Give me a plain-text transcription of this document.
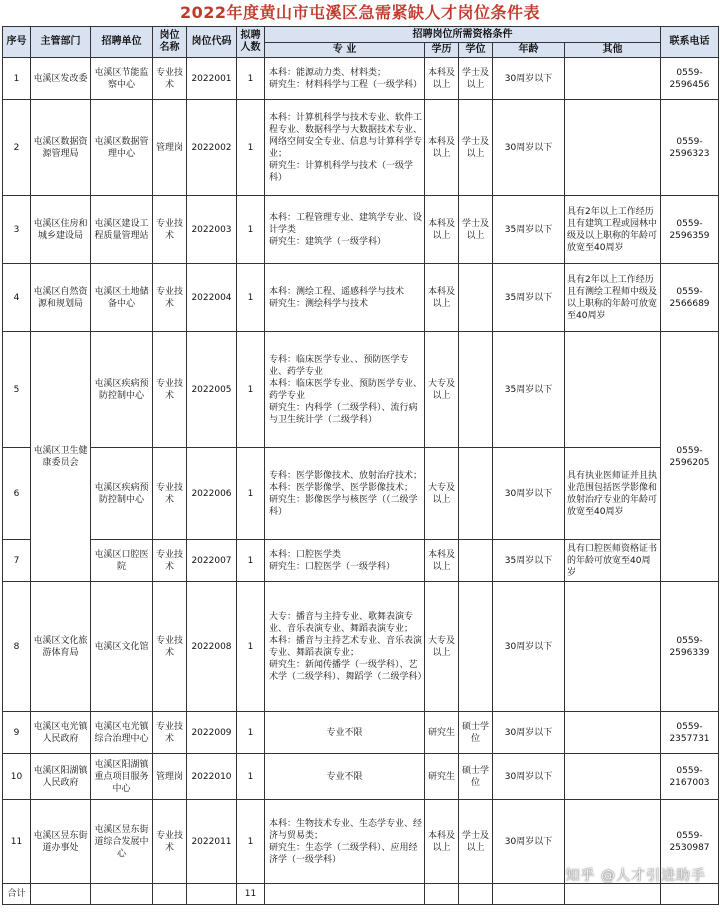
2022年度黄山市屯溪区急需紧缺人才岗位条件表
序号	主管部门	招聘单位	岗位名称	岗位代码	拟聘人数	招聘岗位所需资格条件					联系电话
						专 业	学历	学位	年龄	其他	
1	屯溪区发改委	屯溪区节能监察中心	专业技术	2022001	1	本科：能源动力类、材料类；
研究生：材料科学与工程（一级学科）	本科及以上	学士及以上	30周岁以下		0559-2596456
2	屯溪区数据资源管理局	屯溪区数据管理中心	管理岗	2022002	1	本科：计算机科学与技术专业、软件工程专业、数据科学与大数据技术专业、网络空间安全专业、信息与计算科学专业；
研究生：计算机科学与技术（一级学科）	本科及以上	学士及以上	30周岁以下		0559-2596323
3	屯溪区住房和城乡建设局	屯溪区建设工程质量管理站	专业技术	2022003	1	本科：工程管理专业、建筑学专业、设计学类
研究生：建筑学（一级学科）	本科及以上	学士及以上	35周岁以下	具有2年以上工作经历且有建筑工程或园林中级及以上职称的年龄可放宽至40周岁	0559-2596359
4	屯溪区自然资源和规划局	屯溪区土地储备中心	专业技术	2022004	1	本科：测绘工程、遥感科学与技术
研究生：测绘科学与技术	本科及以上		35周岁以下	具有2年以上工作经历且有测绘工程师中级及以上职称的年龄可放宽至40周岁	0559-2566689
5	屯溪区卫生健康委员会	屯溪区疾病预防控制中心	专业技术	2022005	1	专科：临床医学专业、、预防医学专业、药学专业
本科：临床医学专业、预防医学专业、药学专业
研究生：内科学（二级学科）、流行病与卫生统计学（二级学科）	大专及以上		35周岁以下		0559-2596205
6		屯溪区疾病预防控制中心	专业技术	2022006	1	专科：医学影像技术、放射治疗技术；
本科：医学影像学、医学影像技术；
研究生：影像医学与核医学（（二级学科）	大专及以上		30周岁以下	具有执业医师证并且执业范围包括医学影像和放射治疗专业的年龄可放宽至40周岁	
7		屯溪区口腔医院	专业技术	2022007	1	本科：口腔医学类
研究生：口腔医学（一级学科）	本科及以上		35周岁以下	具有口腔医师资格证书的年龄可放宽至40周岁	
8	屯溪区文化旅游体育局	屯溪区文化馆	专业技术	2022008	1	大专：播音与主持专业、歌舞表演专业、音乐表演专业、舞蹈表演专业； 本科：播音与主持艺术专业、音乐表演专业、舞蹈表演专业；
研究生：新闻传播学（一级学科）、艺术学（二级学科）、舞蹈学（二级学科）	大专及以上		30周岁以下		0559-2596339
9	屯溪区屯光镇人民政府	屯溪区屯光镇综合治理中心	专业技术	2022009	1	专业不限	研究生	硕士学位	30周岁以下		0559-2357731
10	屯溪区阳湖镇人民政府	屯溪区阳湖镇重点项目服务中心	管理岗	2022010	1	专业不限	研究生	硕士学位	30周岁以下		0559-2167003
11	屯溪区昱东街道办事处	屯溪区昱东街道综合发展中心	专业技术	2022011	1	本科：生物技术专业、生态学专业、经济与贸易类；
研究生：生态学（二级学科）、应用经济学（一级学科）	本科及以上	学士及以上	30周岁以下		0559-2530987
合计					11						
知乎 @人才引进助手
